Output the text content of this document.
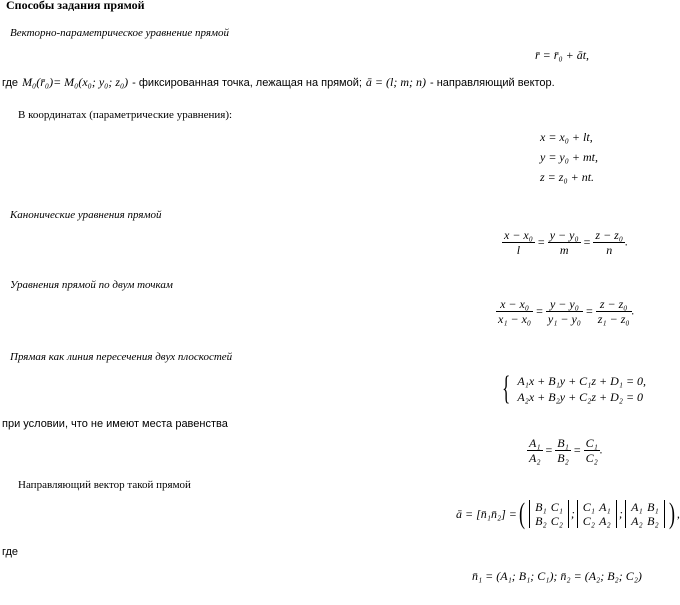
Способы задания прямой
Векторно-параметрическое уравнение прямой
r̄ = r̄₀ + āt,
где M₀(r̄₀)= M₀(x₀; y₀; z₀) - фиксированная точка, лежащая на прямой; ā = (l; m; n) - направляющий вектор.
В координатах (параметрические уравнения):
x = x₀ + lt,
y = y₀ + mt,
z = z₀ + nt.
Канонические уравнения прямой
$\frac{\text{x − x₀}}{l} = \frac{\text{y − y₀}}{m} = \frac{\text{z − z₀}}{n}$ .
Уравнения прямой по двум точкам
$\frac{\text{x − x₀}}{\text{x₁ − x₀}} = \frac{\text{y − y₀}}{\text{y₁ − y₀}} = \frac{\text{z − z₀}}{\text{z₁ − z₀}}$ .
Прямая как линия пересечения двух плоскостей
{ A₁x + B₁y + C₁z + D₁ = 0,
A₂x + B₂y + C₂z + D₂ = 0
при условии, что не имеют места равенства
$\frac{\text{A₁}}{\text{A₂}} = \frac{\text{B₁}}{\text{B₂}} = \frac{\text{C₁}}{\text{C₂}}$ .
Направляющий вектор такой прямой
ā = [n̄₁n̄₂] =( B₁ C₁
B₂ C₂
; C₁ A₁
C₂ A₂
; A₁ B₁
A₂ B₂ ) ,
где
n̄₁ = (A₁; B₁; C₁); n̄₂ = (A₂; B₂; C₂)
